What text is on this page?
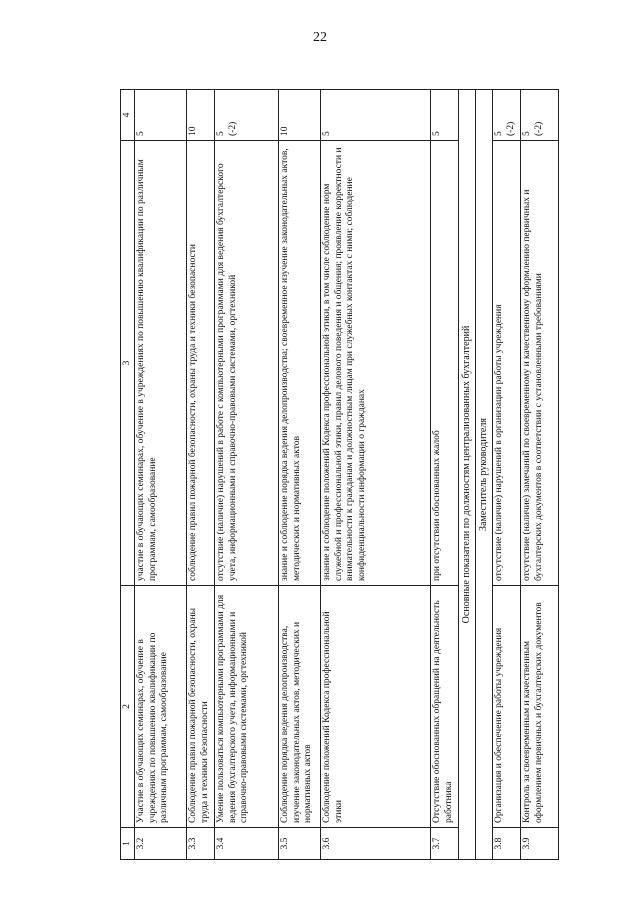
22
1	2	3	4
3.2	Участие в обучающих семинарах, обучение в учреждениях по повышению квалификации по различным программам, самообразование	участие в обучающих семинарах, обучение в учреждениях по повышению квалификации по различным программам, самообразование	5
3.3	Соблюдение правил пожарной безопасности, охраны труда и техники безопасности	соблюдение правил пожарной безопасности, охраны труда и техники безопасности	10
3.4	Умение пользоваться компьютерными программами для ведения бухгалтерского учета, информационными и справочно-правовыми системами, оргтехникой	отсутствие (наличие) нарушений в работе с компьютерными программами для ведения бухгалтерского учета, информационными и справочно-правовыми системами, оргтехникой	5
(-2)
3.5	Соблюдение порядка ведения делопроизводства, изучение законодательных актов, методических и нормативных актов	знание и соблюдение порядка ведения делопроизводства; своевременное изучение законодательных актов, методических и нормативных актов	10
3.6	Соблюдение положений Кодекса профессиональной этики	знание и соблюдение положений Кодекса профессиональной этики, в том числе соблюдение норм служебной и профессиональной этики, правил делового поведения и общения; проявление корректности и внимательности к гражданам и должностным лицам при служебных контактах с ними; соблюдение конфиденциальности информации о гражданах	5
3.7	Отсутствие обоснованных обращений на деятельность работника	при отсутствии обоснованных жалоб	5
Основные показатели по должностям централизованных бухгалтерий			
Заместитель руководителя			
3.8	Организация и обеспечение работы учреждения	отсутствие (наличие) нарушений в организации работы учреждения	5
(-2)
3.9	Контроль за своевременным и качественным оформлением первичных и бухгалтерских документов	отсутствие (наличие) замечаний по своевременному и качественному оформлению первичных и бухгалтерских документов в соответствии с установленными требованиями	5
(-2)
